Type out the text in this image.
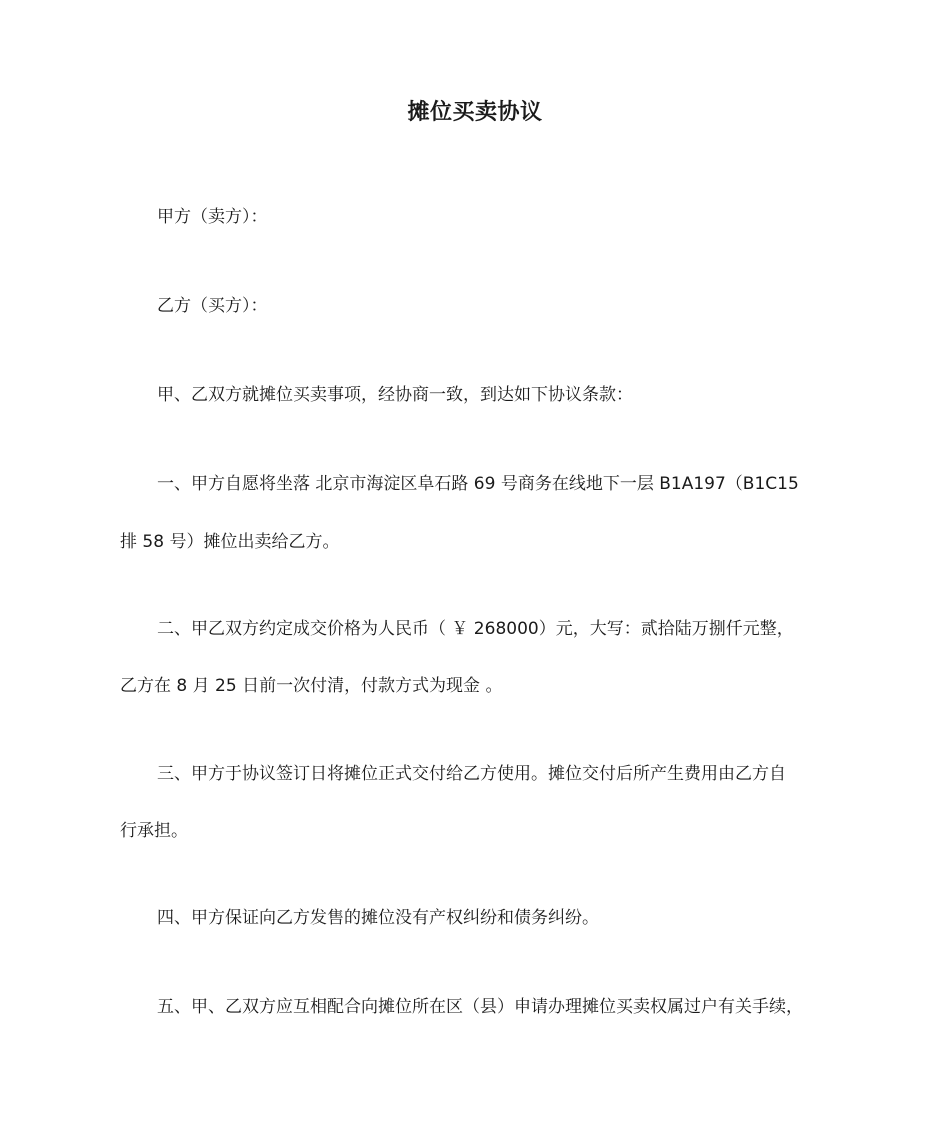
摊位买卖协议
甲方（卖方）：
乙方（买方）：
甲、乙双方就摊位买卖事项，经协商一致，到达如下协议条款：
一、甲方自愿将坐落 北京市海淀区阜石路 69 号商务在线地下一层 B1A197（B1C15
排 58 号）摊位出卖给乙方。
二、甲乙双方约定成交价格为人民币（ ￥ 268000）元，大写：贰拾陆万捌仟元整，
乙方在 8 月 25 日前一次付清，付款方式为现金 。
三、甲方于协议签订日将摊位正式交付给乙方使用。摊位交付后所产生费用由乙方自
行承担。
四、甲方保证向乙方发售的摊位没有产权纠纷和债务纠纷。
五、甲、乙双方应互相配合向摊位所在区（县）申请办理摊位买卖权属过户有关手续，
